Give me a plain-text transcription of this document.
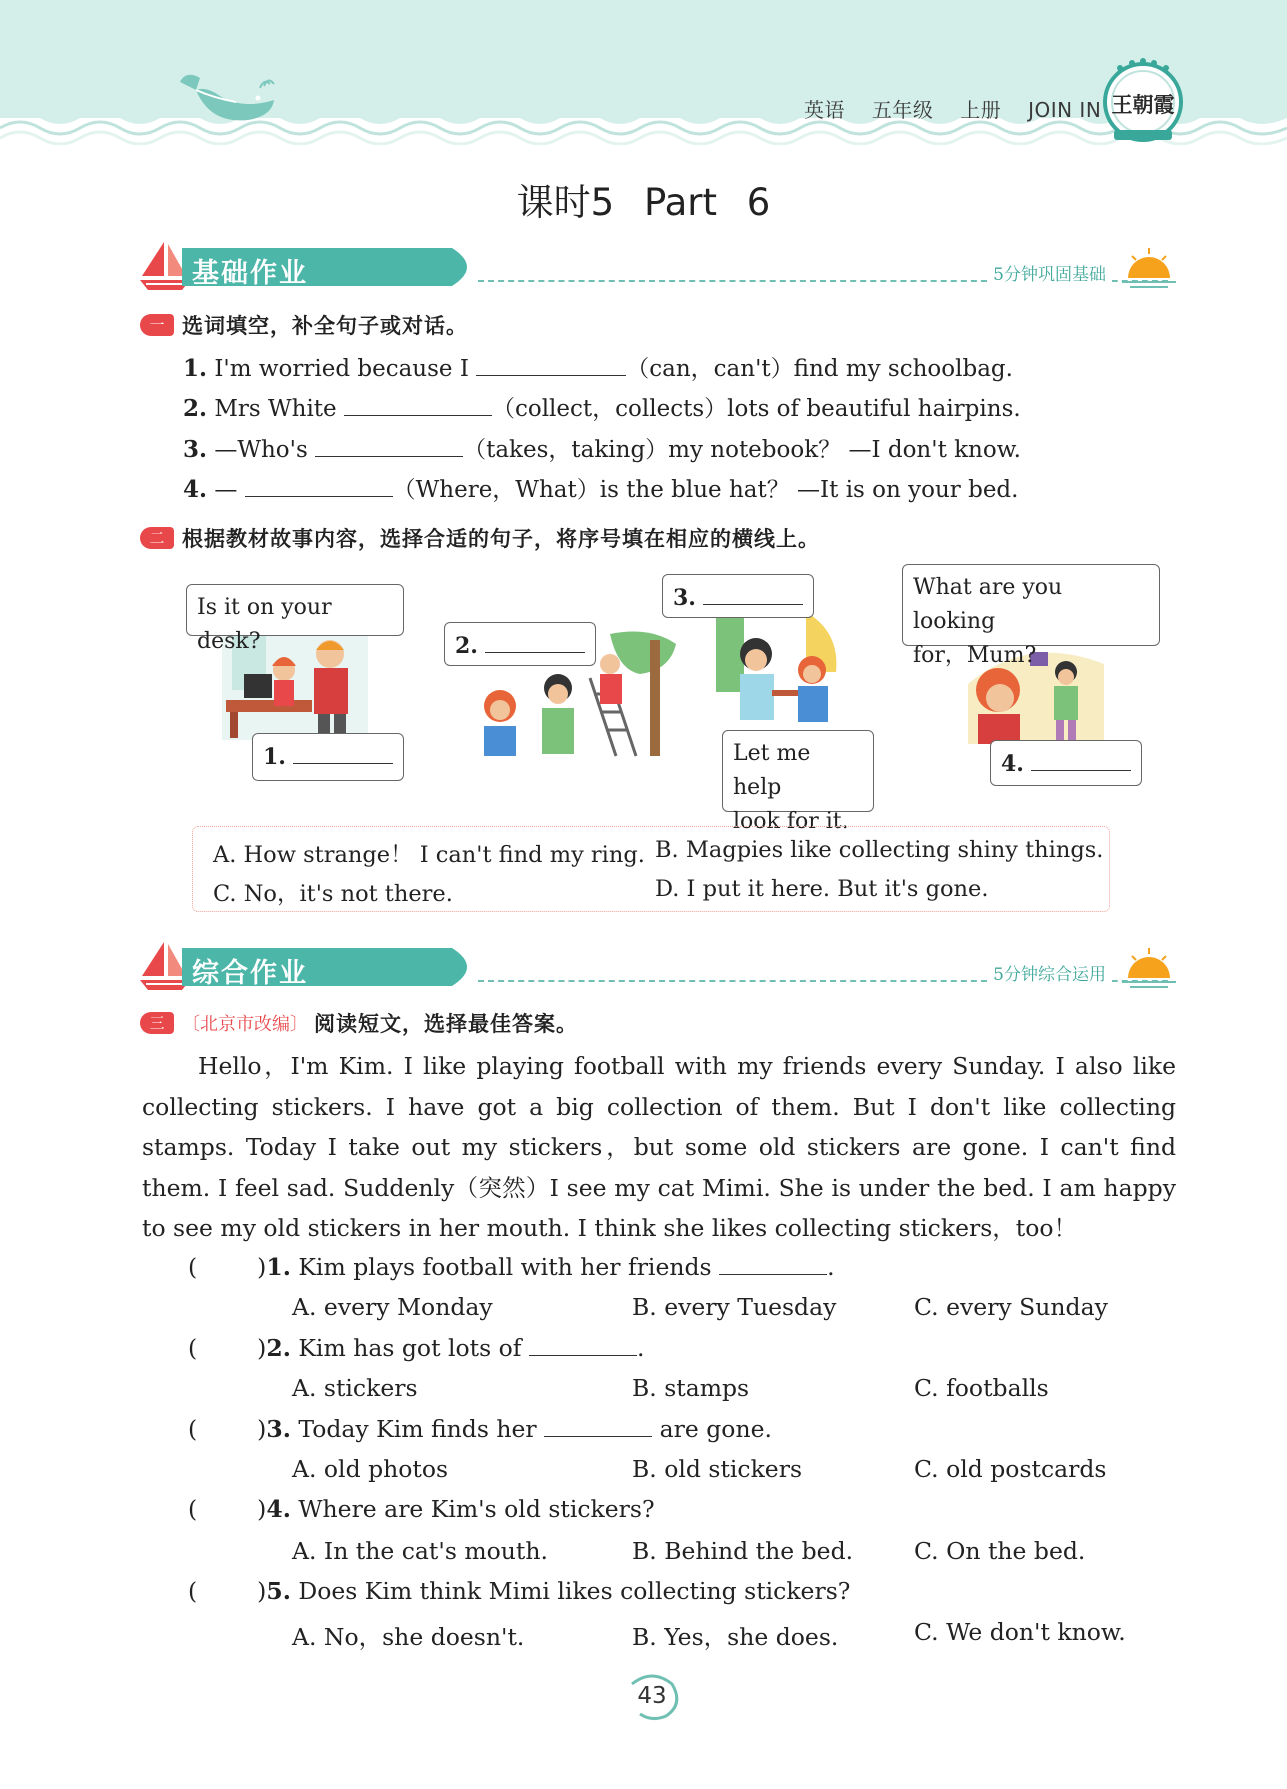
英语 五年级 上册 JOIN IN 王朝霞
课时5 Part 6
基础作业	5分钟巩固基础
一 选词填空，补全句子或对话。
1. I'm worried because I	（can，can't）find my schoolbag.
2. Mrs White	（collect，collects）lots of beautiful hairpins.
3. —Who's	（takes，taking）my notebook？ —I don't know.
4. —	（Where，What）is the blue hat？ —It is on your bed.
二 根据教材故事内容，选择合适的句子，将序号填在相应的横线上。
Is it on your desk?
1.
2.
3.
Let me help
look for it.
What are you looking
for，Mum?
4.
A. How strange！ I can't find my ring. B. Magpies like collecting shiny things.
C. No，it's not there.	D. I put it here. But it's gone.
综合作业	5分钟综合运用
三 〔北京市改编〕 阅读短文，选择最佳答案。
Hello，I'm Kim. I like playing football with my friends every Sunday. I also like collecting stickers. I have got a big collection of them. But I don't like collecting stamps. Today I take out my stickers，but some old stickers are gone. I can't find them. I feel sad. Suddenly（突然）I see my cat Mimi. She is under the bed. I am happy to see my old stickers in her mouth. I think she likes collecting stickers，too！
(	)1. Kim plays football with her friends	.
A. every Monday	B. every Tuesday	C. every Sunday
(	)2. Kim has got lots of	.
A. stickers	B. stamps	C. footballs
(	)3. Today Kim finds her	are gone.
A. old photos	B. old stickers	C. old postcards
(	)4. Where are Kim's old stickers?
A. In the cat's mouth.	B. Behind the bed.	C. On the bed.
(	)5. Does Kim think Mimi likes collecting stickers?
A. No，she doesn't.	B. Yes，she does.	C. We don't know.
43
